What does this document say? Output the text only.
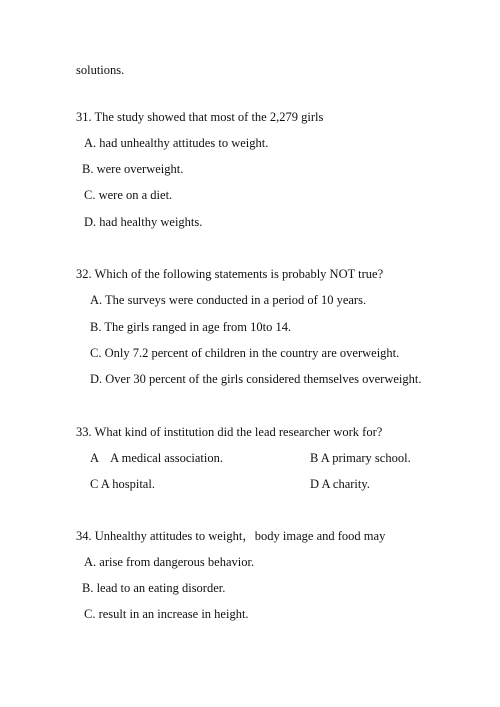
solutions.
31. The study showed that most of the 2,279 girls
A. had unhealthy attitudes to weight.
B. were overweight.
C. were on a diet.
D. had healthy weights.
32. Which of the following statements is probably NOT true?
A. The surveys were conducted in a period of 10 years.
B. The girls ranged in age from 10to 14.
C. Only 7.2 percent of children in the country are overweight.
D. Over 30 percent of the girls considered themselves overweight.
33. What kind of institution did the lead researcher work for?
A    A medical association.	B A primary school.
C A hospital.	D A charity.
34. Unhealthy attitudes to weight，body image and food may
A. arise from dangerous behavior.
B. lead to an eating disorder.
C. result in an increase in height.
